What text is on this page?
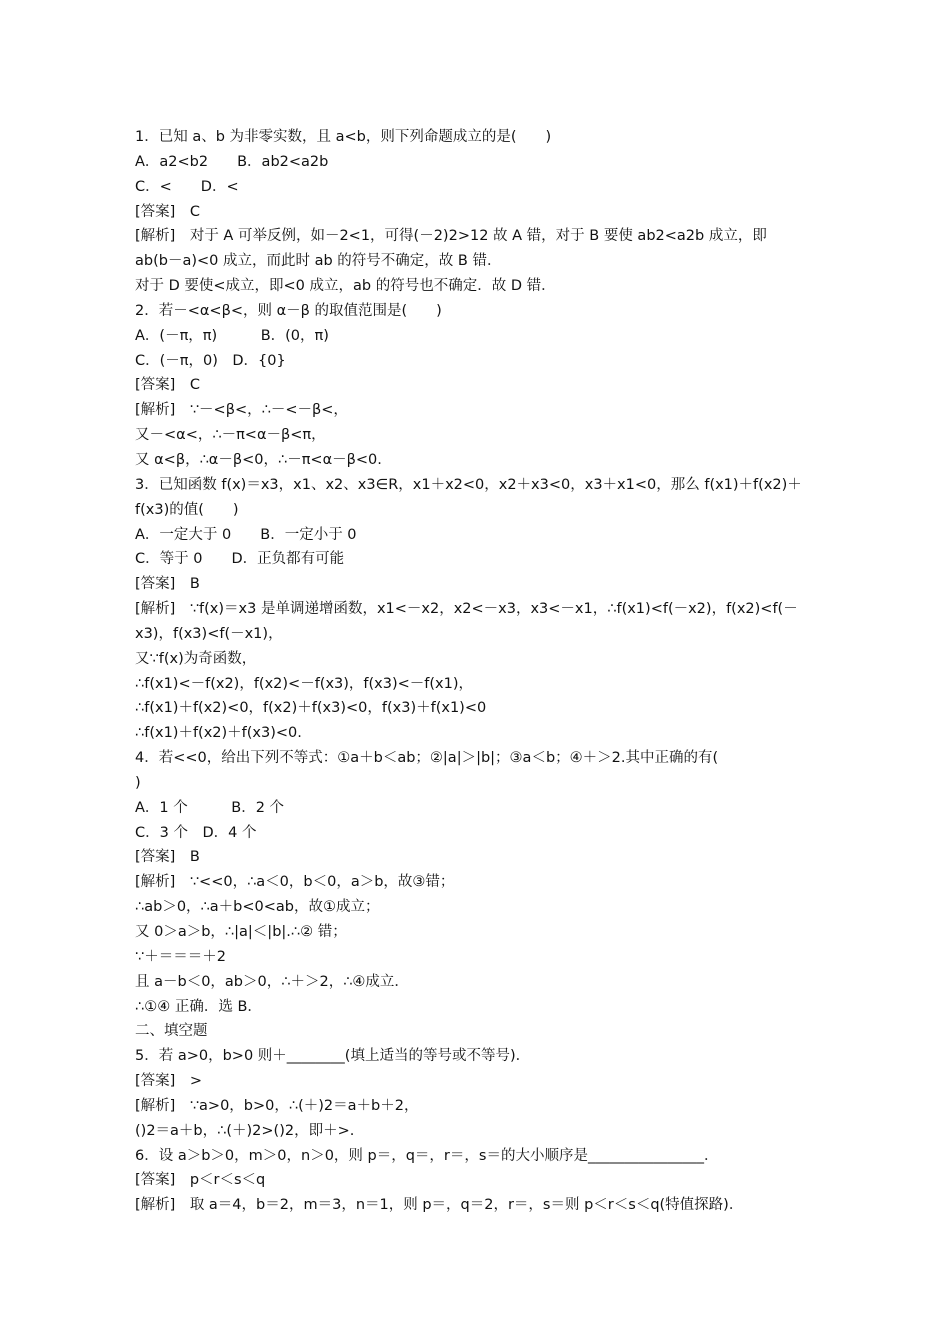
1．已知 a、b 为非零实数，且 a<b，则下列命题成立的是(　　)
A．a2<b2　　B．ab2<a2b
C．<　　D．<
[答案]　C
[解析]　对于 A 可举反例，如－2<1，可得(－2)2>12 故 A 错，对于 B 要使 ab2<a2b 成立，即
ab(b－a)<0 成立，而此时 ab 的符号不确定，故 B 错．
对于 D 要使<成立，即<0 成立，ab 的符号也不确定．故 D 错．
2．若－<α<β<，则 α－β 的取值范围是(　　)
A．(－π，π)　　　B．(0，π)
C．(－π，0)　D．{0}
[答案]　C
[解析]　∵－<β<，∴－<－β<，
又－<α<，∴－π<α－β<π，
又 α<β，∴α－β<0，∴－π<α－β<0.
3．已知函数 f(x)＝x3，x1、x2、x3∈R，x1＋x2<0，x2＋x3<0，x3＋x1<0，那么 f(x1)＋f(x2)＋
f(x3)的值(　　)
A．一定大于 0　　B．一定小于 0
C．等于 0　　D．正负都有可能
[答案]　B
[解析]　∵f(x)＝x3 是单调递增函数，x1<－x2，x2<－x3，x3<－x1，∴f(x1)<f(－x2)，f(x2)<f(－
x3)，f(x3)<f(－x1)，
又∵f(x)为奇函数，
∴f(x1)<－f(x2)，f(x2)<－f(x3)，f(x3)<－f(x1)，
∴f(x1)＋f(x2)<0，f(x2)＋f(x3)<0，f(x3)＋f(x1)<0
∴f(x1)＋f(x2)＋f(x3)<0.
4．若<<0，给出下列不等式：①a＋b＜ab；②|a|＞|b|；③a＜b；④＋＞2.其中正确的有(
)
A．1 个　　　B．2 个
C．3 个　D．4 个
[答案]　B
[解析]　∵<<0，∴a＜0，b＜0，a＞b，故③错；
∴ab＞0，∴a＋b<0<ab，故①成立；
又 0＞a＞b，∴|a|＜|b|.∴② 错；
∵＋＝＝＝＋2
且 a－b＜0，ab＞0，∴＋＞2，∴④成立．
∴①④ 正确．选 B．
二、填空题
5．若 a>0，b>0 则＋________(填上适当的等号或不等号)．
[答案]　>
[解析]　∵a>0，b>0，∴(＋)2＝a＋b＋2，
()2＝a＋b，∴(＋)2>()2，即＋>.
6．设 a＞b＞0，m＞0，n＞0，则 p＝，q＝，r＝，s＝的大小顺序是________________．
[答案]　p＜r＜s＜q
[解析]　取 a＝4，b＝2，m＝3，n＝1，则 p＝，q＝2，r＝，s＝则 p＜r＜s＜q(特值探路)．
